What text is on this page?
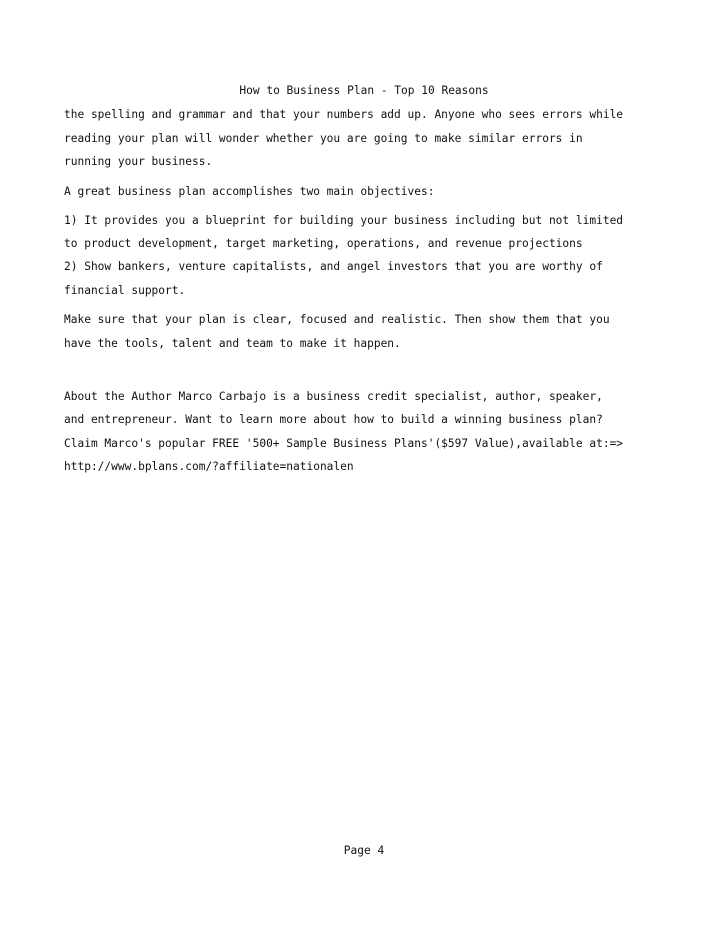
How to Business Plan - Top 10 Reasons
the spelling and grammar and that your numbers add up. Anyone who sees errors while
reading your plan will wonder whether you are going to make similar errors in
running your business.
A great business plan accomplishes two main objectives:
1) It provides you a blueprint for building your business including but not limited
to product development, target marketing, operations, and revenue projections
2) Show bankers, venture capitalists, and angel investors that you are worthy of
financial support.
Make sure that your plan is clear, focused and realistic. Then show them that you
have the tools, talent and team to make it happen.
About the Author Marco Carbajo is a business credit specialist, author, speaker,
and entrepreneur. Want to learn more about how to build a winning business plan?
Claim Marco's popular FREE '500+ Sample Business Plans'($597 Value),available at:=>
http://www.bplans.com/?affiliate=nationalen
Page 4
